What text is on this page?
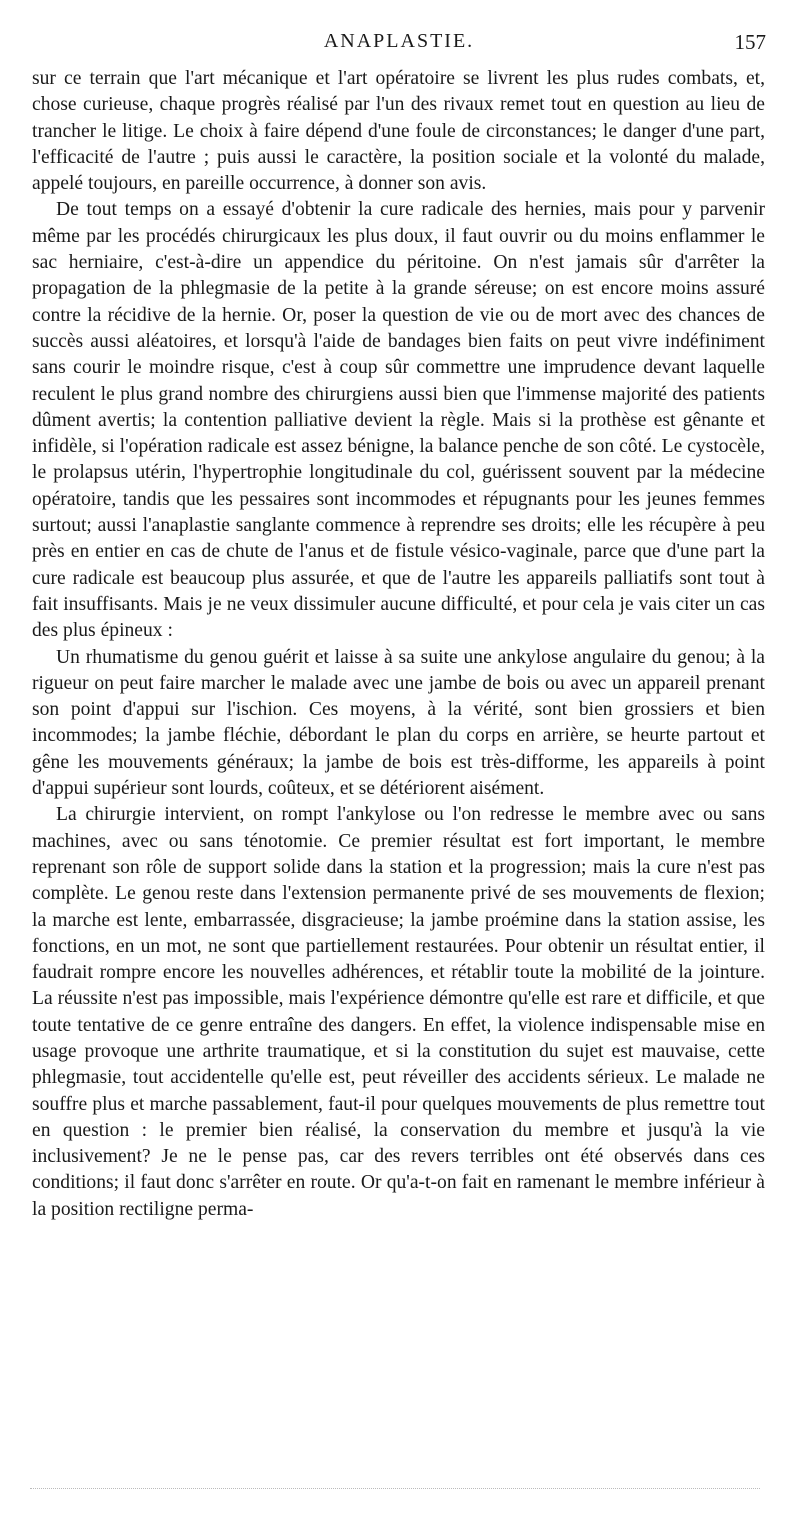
ANAPLASTIE.	157

sur ce terrain que l'art mécanique et l'art opératoire se livrent les plus rudes combats, et, chose curieuse, chaque progrès réalisé par l'un des rivaux remet tout en question au lieu de trancher le litige. Le choix à faire dépend d'une foule de circonstances; le danger d'une part, l'efficacité de l'autre ; puis aussi le caractère, la position sociale et la volonté du malade, appelé toujours, en pareille occurrence, à donner son avis.

De tout temps on a essayé d'obtenir la cure radicale des hernies, mais pour y parvenir même par les procédés chirurgicaux les plus doux, il faut ouvrir ou du moins enflammer le sac herniaire, c'est-à-dire un appendice du péritoine. On n'est jamais sûr d'arrêter la propagation de la phlegmasie de la petite à la grande séreuse; on est encore moins assuré contre la récidive de la hernie. Or, poser la question de vie ou de mort avec des chances de succès aussi aléatoires, et lorsqu'à l'aide de bandages bien faits on peut vivre indéfiniment sans courir le moindre risque, c'est à coup sûr commettre une imprudence devant laquelle reculent le plus grand nombre des chirurgiens aussi bien que l'immense majorité des patients dûment avertis; la contention palliative devient la règle. Mais si la prothèse est gênante et infidèle, si l'opération radicale est assez bénigne, la balance penche de son côté. Le cystocèle, le prolapsus utérin, l'hypertrophie longitudinale du col, guérissent souvent par la médecine opératoire, tandis que les pessaires sont incommodes et répugnants pour les jeunes femmes surtout; aussi l'anaplastie sanglante commence à reprendre ses droits; elle les récupère à peu près en entier en cas de chute de l'anus et de fistule vésico-vaginale, parce que d'une part la cure radicale est beaucoup plus assurée, et que de l'autre les appareils palliatifs sont tout à fait insuffisants. Mais je ne veux dissimuler aucune difficulté, et pour cela je vais citer un cas des plus épineux :

Un rhumatisme du genou guérit et laisse à sa suite une ankylose angulaire du genou; à la rigueur on peut faire marcher le malade avec une jambe de bois ou avec un appareil prenant son point d'appui sur l'ischion. Ces moyens, à la vérité, sont bien grossiers et bien incommodes; la jambe fléchie, débordant le plan du corps en arrière, se heurte partout et gêne les mouvements généraux; la jambe de bois est très-difforme, les appareils à point d'appui supérieur sont lourds, coûteux, et se détériorent aisément.

La chirurgie intervient, on rompt l'ankylose ou l'on redresse le membre avec ou sans machines, avec ou sans ténotomie. Ce premier résultat est fort important, le membre reprenant son rôle de support solide dans la station et la progression; mais la cure n'est pas complète. Le genou reste dans l'extension permanente privé de ses mouvements de flexion; la marche est lente, embarrassée, disgracieuse; la jambe proémine dans la station assise, les fonctions, en un mot, ne sont que partiellement restaurées. Pour obtenir un résultat entier, il faudrait rompre encore les nouvelles adhérences, et rétablir toute la mobilité de la jointure. La réussite n'est pas impossible, mais l'expérience démontre qu'elle est rare et difficile, et que toute tentative de ce genre entraîne des dangers. En effet, la violence indispensable mise en usage provoque une arthrite traumatique, et si la constitution du sujet est mauvaise, cette phlegmasie, tout accidentelle qu'elle est, peut réveiller des accidents sérieux. Le malade ne souffre plus et marche passablement, faut-il pour quelques mouvements de plus remettre tout en question : le premier bien réalisé, la conservation du membre et jusqu'à la vie inclusivement? Je ne le pense pas, car des revers terribles ont été observés dans ces conditions; il faut donc s'arrêter en route. Or qu'a-t-on fait en ramenant le membre inférieur à la position rectiligne perma-
